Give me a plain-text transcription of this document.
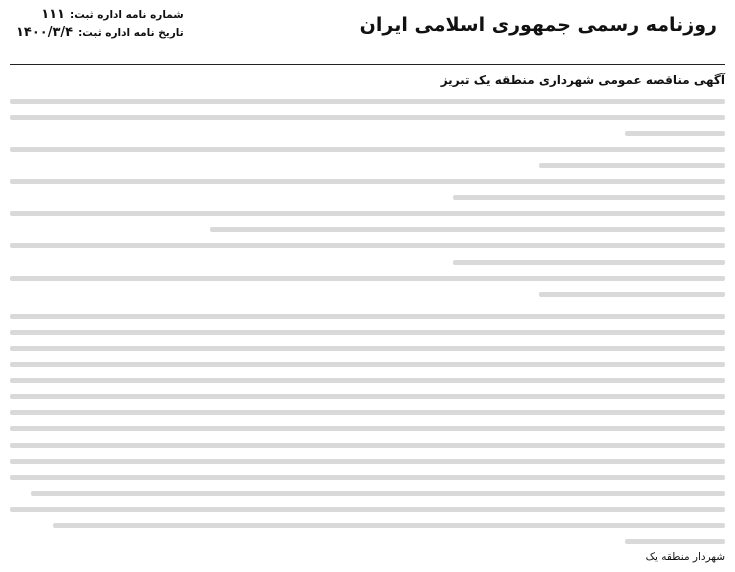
روزنامه رسمی جمهوری اسلامی ایران
شماره نامه اداره ثبت:
۱۱۱
تاریخ نامه اداره ثبت:
۱۴۰۰/۳/۴
آگهی مناقصه عمومی شهرداری منطقه یک تبریز
شهردار منطقه یک
